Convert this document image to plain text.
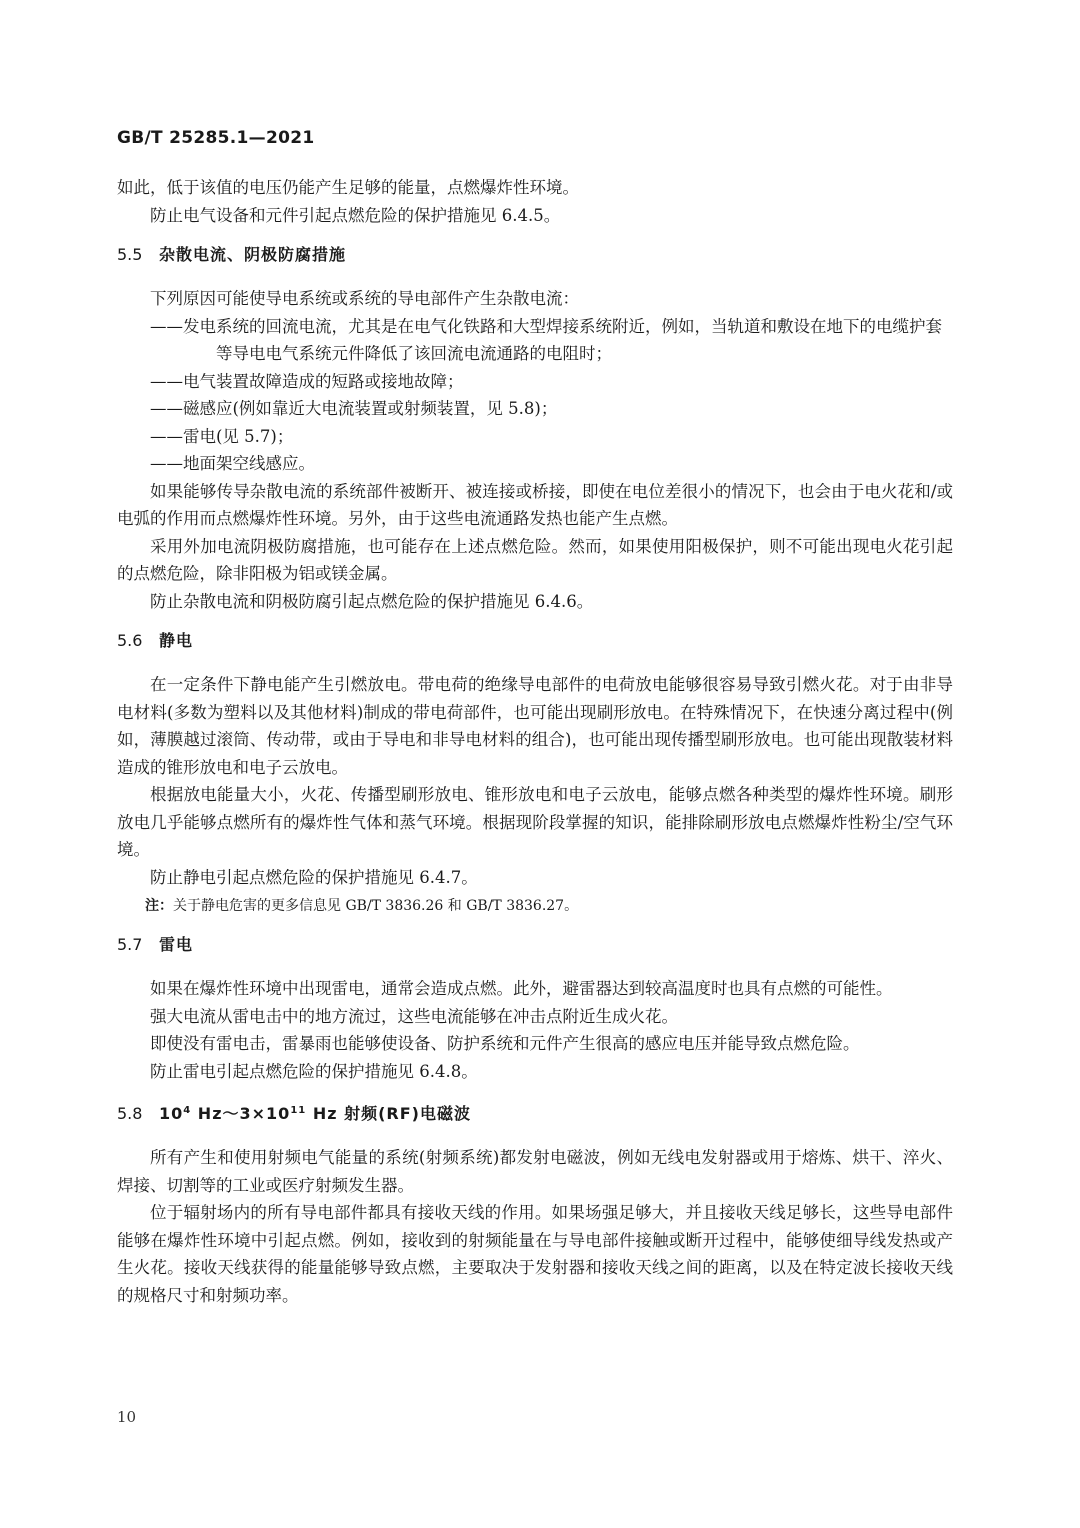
GB/T 25285.1—2021

如此，低于该值的电压仍能产生足够的能量，点燃爆炸性环境。

防止电气设备和元件引起点燃危险的保护措施见 6.4.5。

5.5 杂散电流、阴极防腐措施

下列原因可能使导电系统或系统的导电部件产生杂散电流：

——发电系统的回流电流，尤其是在电气化铁路和大型焊接系统附近，例如，当轨道和敷设在地下的电缆护套等导电电气系统元件降低了该回流电流通路的电阻时；
——电气装置故障造成的短路或接地故障；
——磁感应(例如靠近大电流装置或射频装置，见 5.8)；
——雷电(见 5.7)；
——地面架空线感应。

如果能够传导杂散电流的系统部件被断开、被连接或桥接，即使在电位差很小的情况下，也会由于电火花和/或电弧的作用而点燃爆炸性环境。另外，由于这些电流通路发热也能产生点燃。

采用外加电流阴极防腐措施，也可能存在上述点燃危险。然而，如果使用阳极保护，则不可能出现电火花引起的点燃危险，除非阳极为铝或镁金属。

防止杂散电流和阴极防腐引起点燃危险的保护措施见 6.4.6。

5.6 静电

在一定条件下静电能产生引燃放电。带电荷的绝缘导电部件的电荷放电能够很容易导致引燃火花。对于由非导电材料(多数为塑料以及其他材料)制成的带电荷部件，也可能出现刷形放电。在特殊情况下，在快速分离过程中(例如，薄膜越过滚筒、传动带，或由于导电和非导电材料的组合)，也可能出现传播型刷形放电。也可能出现散装材料造成的锥形放电和电子云放电。

根据放电能量大小，火花、传播型刷形放电、锥形放电和电子云放电，能够点燃各种类型的爆炸性环境。刷形放电几乎能够点燃所有的爆炸性气体和蒸气环境。根据现阶段掌握的知识，能排除刷形放电点燃爆炸性粉尘/空气环境。

防止静电引起点燃危险的保护措施见 6.4.7。

注：关于静电危害的更多信息见 GB/T 3836.26 和 GB/T 3836.27。
5.7 雷电

如果在爆炸性环境中出现雷电，通常会造成点燃。此外，避雷器达到较高温度时也具有点燃的可能性。

强大电流从雷电击中的地方流过，这些电流能够在冲击点附近生成火花。

即使没有雷电击，雷暴雨也能够使设备、防护系统和元件产生很高的感应电压并能导致点燃危险。

防止雷电引起点燃危险的保护措施见 6.4.8。

5.8 $10^4$ $Hz\sim 3\times 10^{11}$ Hz 射频(RF)电磁波

所有产生和使用射频电气能量的系统(射频系统)都发射电磁波，例如无线电发射器或用于熔炼、烘干、淬火、焊接、切割等的工业或医疗射频发生器。

位于辐射场内的所有导电部件都具有接收天线的作用。如果场强足够大，并且接收天线足够长，这些导电部件能够在爆炸性环境中引起点燃。例如，接收到的射频能量在与导电部件接触或断开过程中，能够使细导线发热或产生火花。接收天线获得的能量能够导致点燃，主要取决于发射器和接收天线之间的距离，以及在特定波长接收天线的规格尺寸和射频功率。

10
